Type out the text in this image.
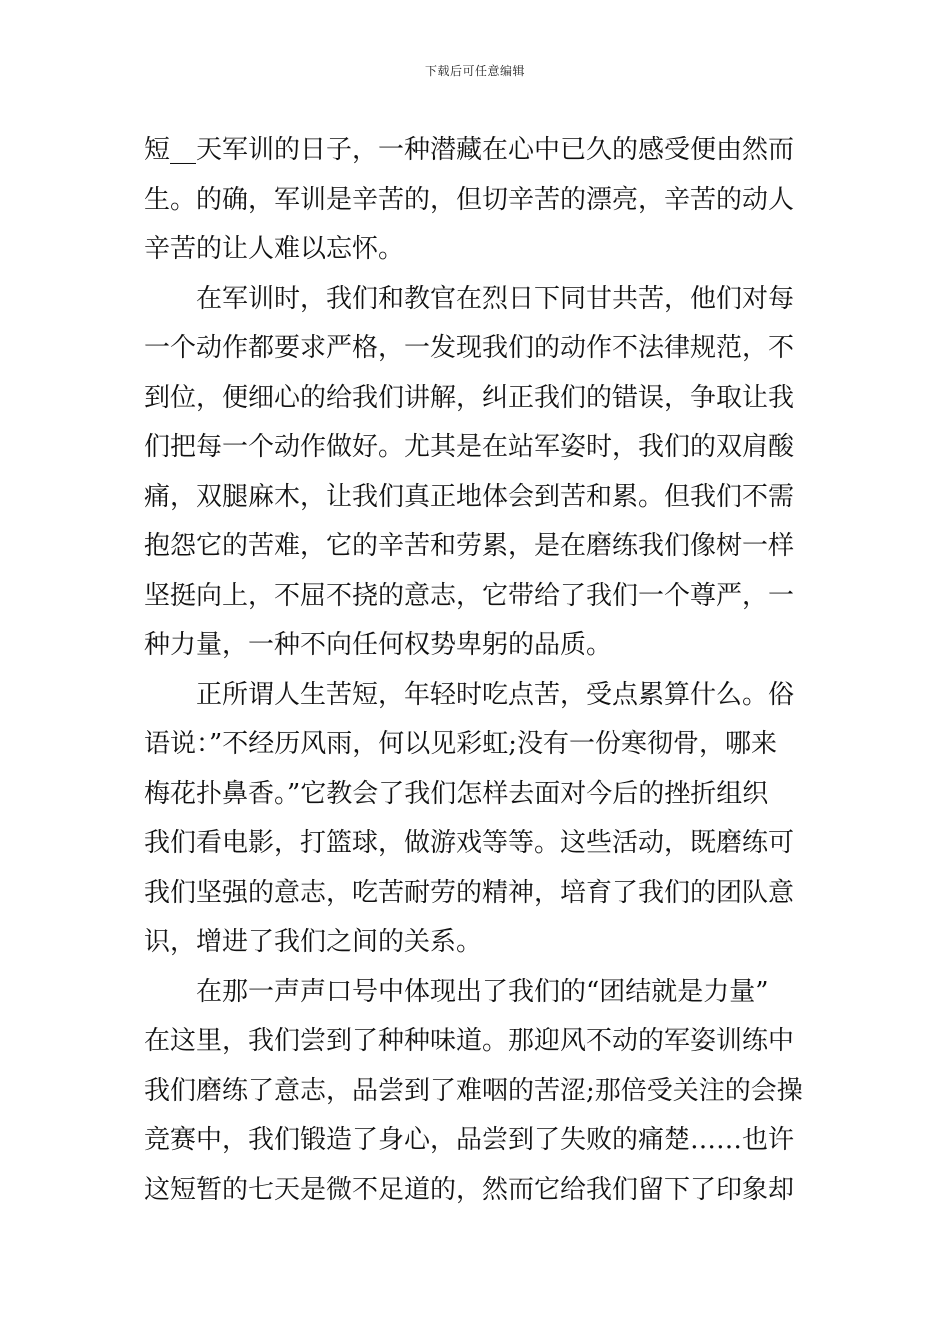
下载后可任意编辑
短__天军训的日子，一种潜藏在心中已久的感受便由然而
生。的确，军训是辛苦的，但切辛苦的漂亮，辛苦的动人
辛苦的让人难以忘怀。
在军训时，我们和教官在烈日下同甘共苦，他们对每
一个动作都要求严格，一发现我们的动作不法律规范，不
到位，便细心的给我们讲解，纠正我们的错误，争取让我
们把每一个动作做好。尤其是在站军姿时，我们的双肩酸
痛，双腿麻木，让我们真正地体会到苦和累。但我们不需
抱怨它的苦难，它的辛苦和劳累，是在磨练我们像树一样
坚挺向上，不屈不挠的意志，它带给了我们一个尊严，一
种力量，一种不向任何权势卑躬的品质。
正所谓人生苦短，年轻时吃点苦，受点累算什么。俗
语说：”不经历风雨，何以见彩虹;没有一份寒彻骨，哪来
梅花扑鼻香。”它教会了我们怎样去面对今后的挫折组织
我们看电影，打篮球，做游戏等等。这些活动，既磨练可
我们坚强的意志，吃苦耐劳的精神，培育了我们的团队意
识，增进了我们之间的关系。
在那一声声口号中体现出了我们的“团结就是力量”
在这里，我们尝到了种种味道。那迎风不动的军姿训练中
我们磨练了意志，品尝到了难咽的苦涩;那倍受关注的会操
竞赛中，我们锻造了身心，品尝到了失败的痛楚……也许
这短暂的七天是微不足道的，然而它给我们留下了印象却
